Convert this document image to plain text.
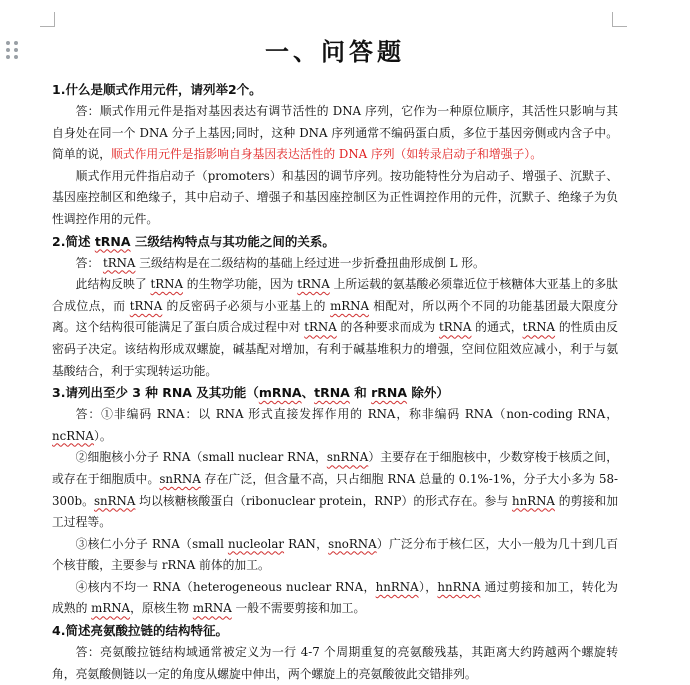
一、问答题

1.什么是顺式作用元件，请列举2个。

答：顺式作用元件是指对基因表达有调节活性的 DNA 序列，它作为一种原位顺序，其活性只影响与其自身处在同一个 DNA 分子上基因;同时，这种 DNA 序列通常不编码蛋白质，多位于基因旁侧或内含子中。简单的说，顺式作用元件是指影响自身基因表达活性的 DNA 序列（如转录启动子和增强子）。

顺式作用元件指启动子（promoters）和基因的调节序列。按功能特性分为启动子、增强子、沉默子、基因座控制区和绝缘子，其中启动子、增强子和基因座控制区为正性调控作用的元件，沉默子、绝缘子为负性调控作用的元件。

2.简述 tRNA 三级结构特点与其功能之间的关系。

答： tRNA 三级结构是在二级结构的基础上经过进一步折叠扭曲形成倒 L 形。

此结构反映了 tRNA 的生物学功能，因为 tRNA 上所运载的氨基酸必须靠近位于核糖体大亚基上的多肽合成位点，而 tRNA 的反密码子必须与小亚基上的 mRNA 相配对，所以两个不同的功能基团最大限度分离。这个结构很可能满足了蛋白质合成过程中对 tRNA 的各种要求而成为 tRNA 的通式，tRNA 的性质由反密码子决定。该结构形成双螺旋，碱基配对增加，有利于碱基堆积力的增强，空间位阻效应减小，利于与氨基酸结合，利于实现转运功能。

3.请列出至少 3 种 RNA 及其功能（mRNA、tRNA 和 rRNA 除外）

答：①非编码 RNA：以 RNA 形式直接发挥作用的 RNA，称非编码 RNA（non-coding RNA，ncRNA）。

②细胞核小分子 RNA（small nuclear RNA，snRNA）主要存在于细胞核中，少数穿梭于核质之间，或存在于细胞质中。snRNA 存在广泛，但含量不高，只占细胞 RNA 总量的 0.1%-1%，分子大小多为 58-300b。snRNA 均以核糖核酸蛋白（ribonuclear protein，RNP）的形式存在。参与 hnRNA 的剪接和加工过程等。

③核仁小分子 RNA（small nucleolar RAN，snoRNA）广泛分布于核仁区，大小一般为几十到几百个核苷酸，主要参与 rRNA 前体的加工。

④核内不均一 RNA（heterogeneous nuclear RNA，hnRNA），hnRNA 通过剪接和加工，转化为成熟的 mRNA，原核生物 mRNA 一般不需要剪接和加工。

4.简述亮氨酸拉链的结构特征。

答：亮氨酸拉链结构域通常被定义为一行 4-7 个周期重复的亮氨酸残基，其距离大约跨越两个螺旋转角，亮氨酸侧链以一定的角度从螺旋中伸出，两个螺旋上的亮氨酸彼此交错排列。
